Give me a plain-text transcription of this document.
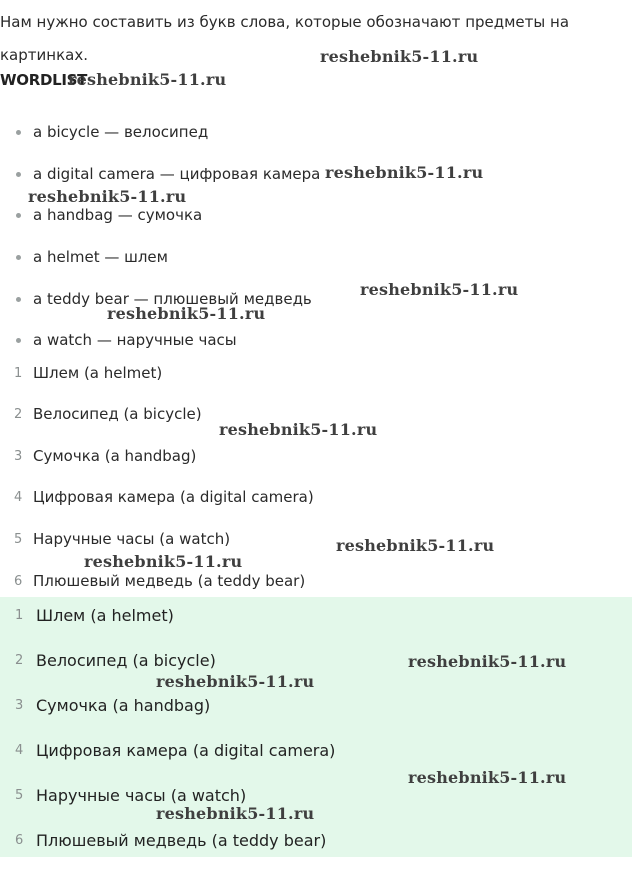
Нам нужно составить из букв слова, которые обозначают предметы на картинках.
WORDLIST
reshebnik5-11.ru
a bicycle — велосипед
a digital camera — цифровая камера
a handbag — сумочка
a helmet — шлем
a teddy bear — плюшевый медведь
a watch — наручные часы
1 Шлем (a helmet)
2 Велосипед (a bicycle)
3 Сумочка (a handbag)
4 Цифровая камера (a digital camera)
5 Наручные часы (a watch)
6 Плюшевый медведь (a teddy bear)
1 Шлем (a helmet)
2 Велосипед (a bicycle)
3 Сумочка (a handbag)
4 Цифровая камера (a digital camera)
5 Наручные часы (a watch)
6 Плюшевый медведь (a teddy bear)
reshebnik5-11.ru
reshebnik5-11.ru
reshebnik5-11.ru
reshebnik5-11.ru
reshebnik5-11.ru
reshebnik5-11.ru
reshebnik5-11.ru
reshebnik5-11.ru
reshebnik5-11.ru
reshebnik5-11.ru
reshebnik5-11.ru
reshebnik5-11.ru
